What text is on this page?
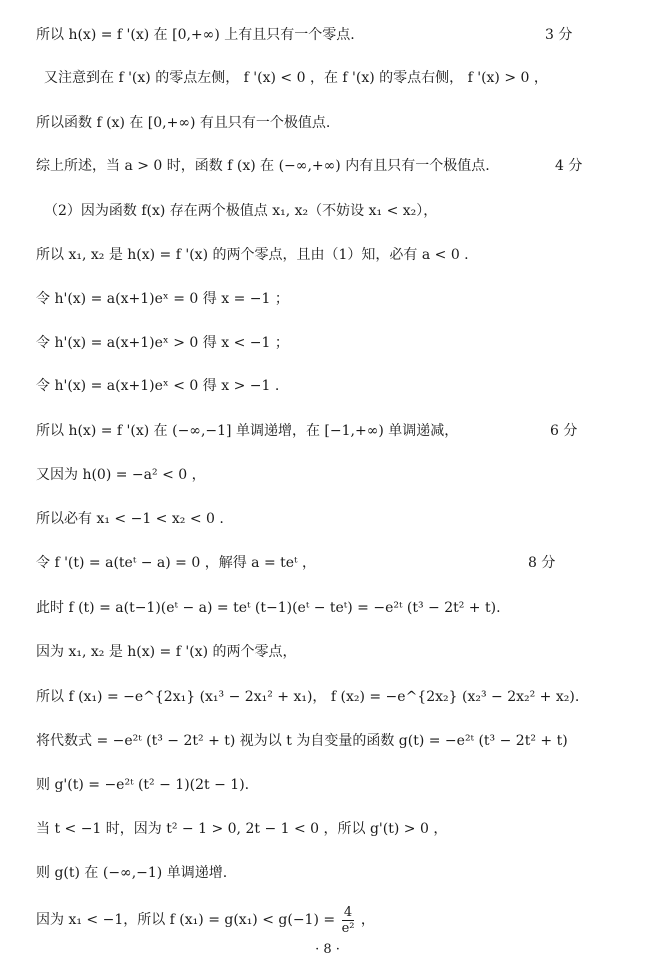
所以 h(x) = f '(x) 在 [0,+∞) 上有且只有一个零点.	3 分
又注意到在 f '(x) 的零点左侧， f '(x) < 0 ，在 f '(x) 的零点右侧， f '(x) > 0 ，
所以函数 f (x) 在 [0,+∞) 有且只有一个极值点.
综上所述，当 a > 0 时，函数 f (x) 在 (−∞,+∞) 内有且只有一个极值点.	4 分
（2）因为函数 f(x) 存在两个极值点 x₁, x₂（不妨设 x₁ < x₂），
所以 x₁, x₂ 是 h(x) = f '(x) 的两个零点，且由（1）知，必有 a < 0 .
令 h'(x) = a(x+1)eˣ = 0 得 x = −1 ；
令 h'(x) = a(x+1)eˣ > 0 得 x < −1 ；
令 h'(x) = a(x+1)eˣ < 0 得 x > −1 .
所以 h(x) = f '(x) 在 (−∞,−1] 单调递增，在 [−1,+∞) 单调递减，	6 分
又因为 h(0) = −a² < 0 ，
所以必有 x₁ < −1 < x₂ < 0 .
令 f '(t) = a(teᵗ − a) = 0 ，解得 a = teᵗ ，	8 分
此时 f (t) = a(t−1)(eᵗ − a) = teᵗ (t−1)(eᵗ − teᵗ) = −e²ᵗ (t³ − 2t² + t).
因为 x₁, x₂ 是 h(x) = f '(x) 的两个零点，
所以 f (x₁) = −e^{2x₁} (x₁³ − 2x₁² + x₁)， f (x₂) = −e^{2x₂} (x₂³ − 2x₂² + x₂).
将代数式 = −e²ᵗ (t³ − 2t² + t) 视为以 t 为自变量的函数 g(t) = −e²ᵗ (t³ − 2t² + t)
则 g'(t) = −e²ᵗ (t² − 1)(2t − 1).
当 t < −1 时，因为 t² − 1 > 0, 2t − 1 < 0 ，所以 g'(t) > 0 ，
则 g(t) 在 (−∞,−1) 单调递增.
因为 x₁ < −1，所以 f $(x_1) = g(x_1) < g(-1) = \frac{4}{\text{e²}}$ ，
· 8 ·
